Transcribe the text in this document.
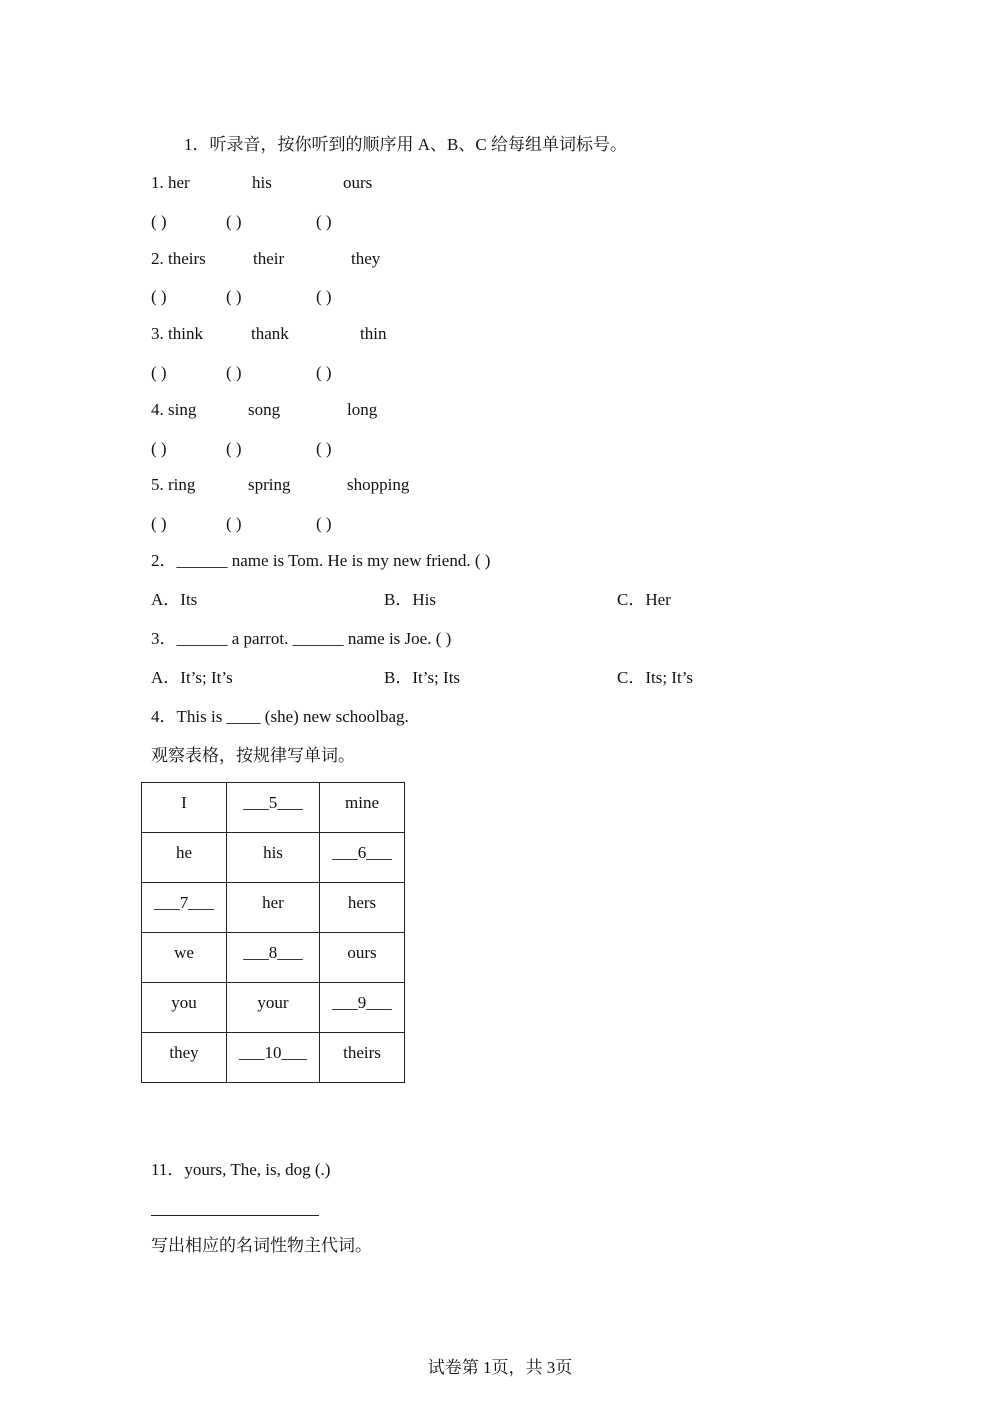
1．听录音，按你听到的顺序用 A、B、C 给每组单词标号。
1. her	his	ours
( )	( )	( )
2. theirs	their	they
( )	( )	( )
3. think	thank	thin
( )	( )	( )
4. sing	song	long
( )	( )	( )
5. ring	spring	shopping
( )	( )	( )
2．______ name is Tom. He is my new friend. ( )
A．Its	B．His	C．Her
3．______ a parrot. ______ name is Joe. ( )
A．It’s; It’s	B．It’s; Its	C．Its; It’s
4．This is ____ (she) new schoolbag.
观察表格，按规律写单词。
I	___5___	mine
he	his	___6___
___7___	her	hers
we	___8___	ours
you	your	___9___
they	___10___	theirs
11．yours, The, is, dog (.)
写出相应的名词性物主代词。
试卷第 1页，共 3页
